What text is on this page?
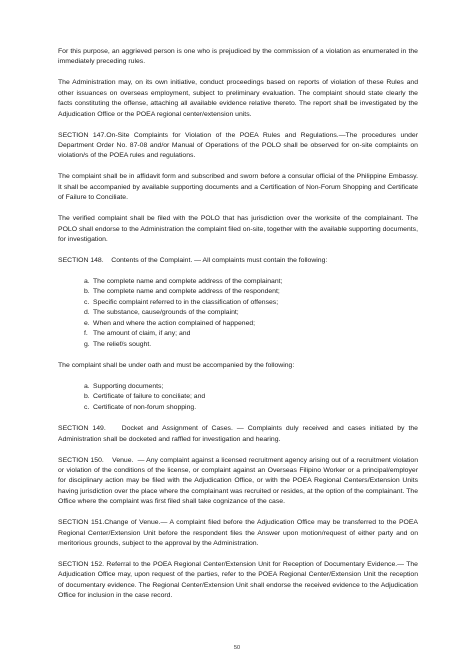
For this purpose, an aggrieved person is one who is prejudiced by the commission of a violation as enumerated in the immediately preceding rules.

The Administration may, on its own initiative, conduct proceedings based on reports of violation of these Rules and other issuances on overseas employment, subject to preliminary evaluation. The complaint should state clearly the facts constituting the offense, attaching all available evidence relative thereto. The report shall be investigated by the Adjudication Office or the POEA regional center/extension units.

SECTION 147.On-Site Complaints for Violation of the POEA Rules and Regulations.—The procedures under Department Order No. 87-08 and/or Manual of Operations of the POLO shall be observed for on-site complaints on violation/s of the POEA rules and regulations.

The complaint shall be in affidavit form and subscribed and sworn before a consular official of the Philippine Embassy. It shall be accompanied by available supporting documents and a Certification of Non-Forum Shopping and Certificate of Failure to Conciliate.

The verified complaint shall be filed with the POLO that has jurisdiction over the worksite of the complainant. The POLO shall endorse to the Administration the complaint filed on-site, together with the available supporting documents, for investigation.

SECTION 148.    Contents of the Complaint. — All complaints must contain the following:

a. The complete name and complete address of the complainant;
b. The complete name and complete address of the respondent;
c. Specific complaint referred to in the classification of offenses;
d. The substance, cause/grounds of the complaint;
e. When and where the action complained of happened;
f. The amount of claim, if any; and
g. The relief/s sought.

The complaint shall be under oath and must be accompanied by the following:

a. Supporting documents;
b. Certificate of failure to conciliate; and
c. Certificate of non-forum shopping.

SECTION 149.    Docket and Assignment of Cases. — Complaints duly received and cases initiated by the Administration shall be docketed and raffled for investigation and hearing.

SECTION 150.    Venue.  — Any complaint against a licensed recruitment agency arising out of a recruitment violation or violation of the conditions of the license, or complaint against an Overseas Filipino Worker or a principal/employer for disciplinary action may be filed with the Adjudication Office, or with the POEA Regional Centers/Extension Units having jurisdiction over the place where the complainant was recruited or resides, at the option of the complainant. The Office where the complaint was first filed shall take cognizance of the case.

SECTION 151.Change of Venue.— A complaint filed before the Adjudication Office may be transferred to the POEA Regional Center/Extension Unit before the respondent files the Answer upon motion/request of either party and on meritorious grounds, subject to the approval by the Administration.

SECTION 152. Referral to the POEA Regional Center/Extension Unit for Reception of Documentary Evidence.— The Adjudication Office may, upon request of the parties, refer to the POEA Regional Center/Extension Unit the reception of documentary evidence. The Regional Center/Extension Unit shall endorse the received evidence to the Adjudication Office for inclusion in the case record.

50
